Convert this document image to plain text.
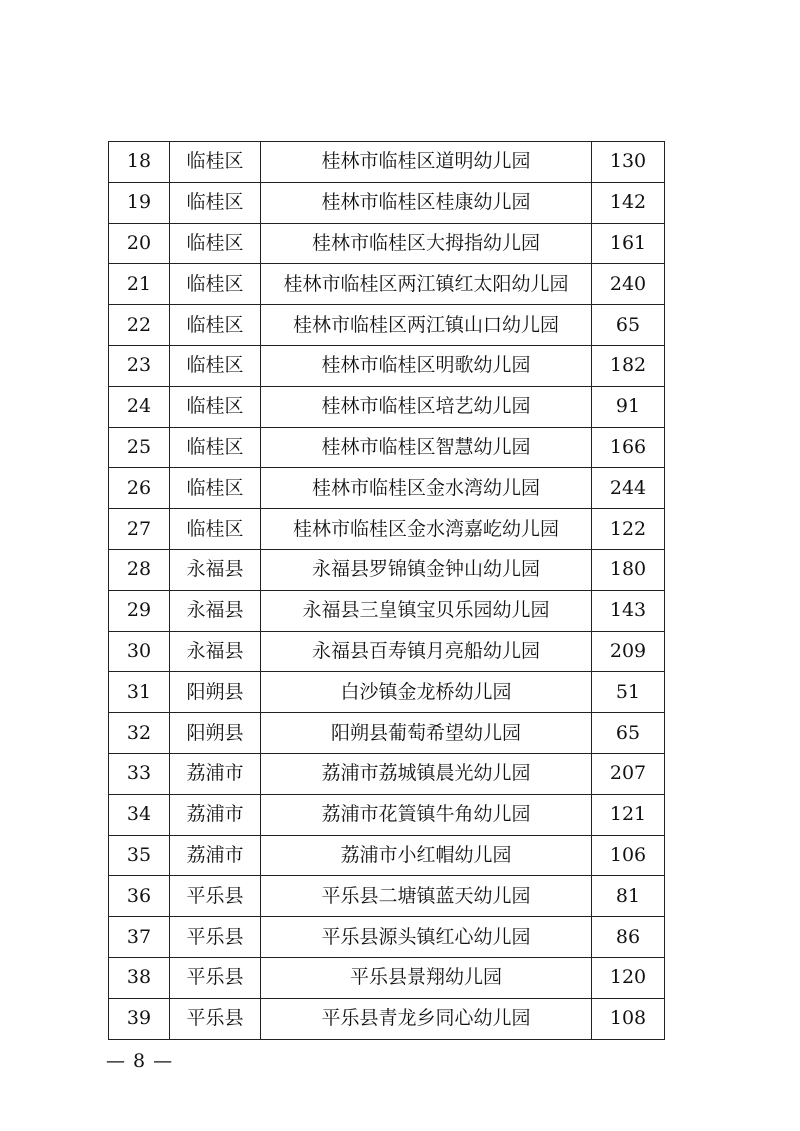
18	临桂区	桂林市临桂区道明幼儿园	130
19	临桂区	桂林市临桂区桂康幼儿园	142
20	临桂区	桂林市临桂区大拇指幼儿园	161
21	临桂区	桂林市临桂区两江镇红太阳幼儿园	240
22	临桂区	桂林市临桂区两江镇山口幼儿园	65
23	临桂区	桂林市临桂区明歌幼儿园	182
24	临桂区	桂林市临桂区培艺幼儿园	91
25	临桂区	桂林市临桂区智慧幼儿园	166
26	临桂区	桂林市临桂区金水湾幼儿园	244
27	临桂区	桂林市临桂区金水湾嘉屹幼儿园	122
28	永福县	永福县罗锦镇金钟山幼儿园	180
29	永福县	永福县三皇镇宝贝乐园幼儿园	143
30	永福县	永福县百寿镇月亮船幼儿园	209
31	阳朔县	白沙镇金龙桥幼儿园	51
32	阳朔县	阳朔县葡萄希望幼儿园	65
33	荔浦市	荔浦市荔城镇晨光幼儿园	207
34	荔浦市	荔浦市花篢镇牛角幼儿园	121
35	荔浦市	荔浦市小红帽幼儿园	106
36	平乐县	平乐县二塘镇蓝天幼儿园	81
37	平乐县	平乐县源头镇红心幼儿园	86
38	平乐县	平乐县景翔幼儿园	120
39	平乐县	平乐县青龙乡同心幼儿园	108
— 8 —
